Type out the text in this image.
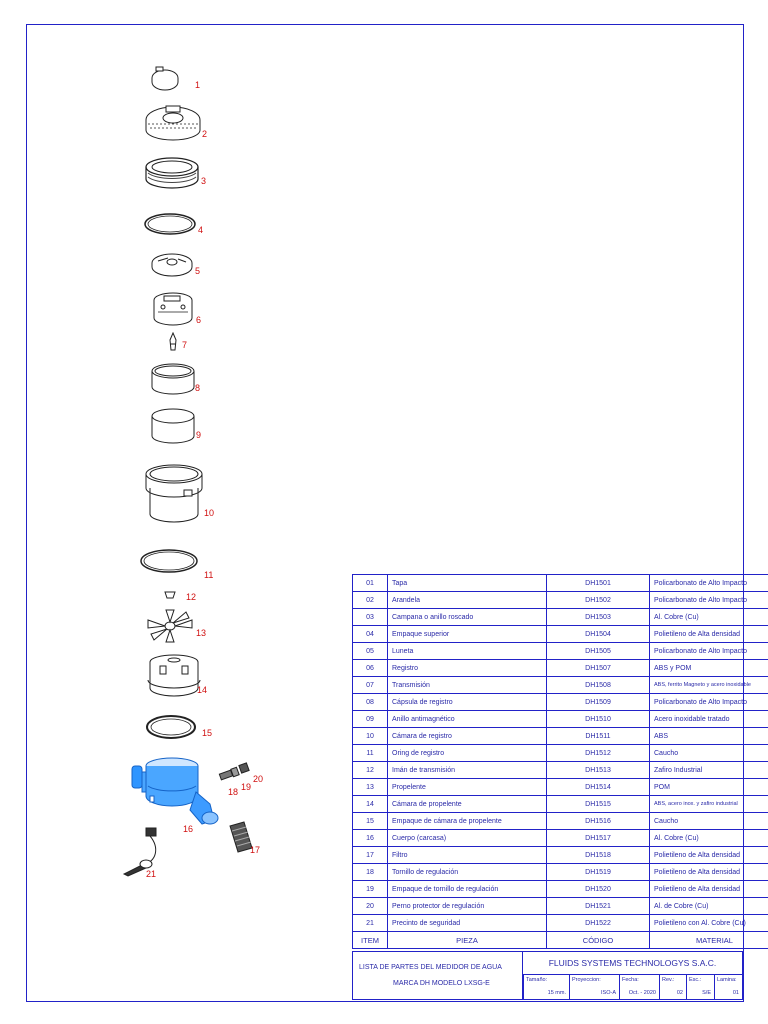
1
2
3
4
5
6
7
8
9
10
11
12
13
14
15
16
17
18 19
20
21
01	Tapa	DH1501	Policarbonato de Alto Impacto
02	Arandela	DH1502	Policarbonato de Alto Impacto
03	Campana o anillo roscado	DH1503	Al. Cobre (Cu)
04	Empaque superior	DH1504	Polietileno de Alta densidad
05	Luneta	DH1505	Policarbonato de Alto Impacto
06	Registro	DH1507	ABS y POM
07	Transmisión	DH1508	ABS, ferrito Magneto y acero inoxidable
08	Cápsula de registro	DH1509	Policarbonato de Alto Impacto
09	Anillo antimagnético	DH1510	Acero inoxidable tratado
10	Cámara de registro	DH1511	ABS
11	Oring de registro	DH1512	Caucho
12	Imán de transmisión	DH1513	Zafiro Industrial
13	Propelente	DH1514	POM
14	Cámara de propelente	DH1515	ABS, acero inox. y zafiro industrial
15	Empaque de cámara de propelente	DH1516	Caucho
16	Cuerpo (carcasa)	DH1517	Al. Cobre (Cu)
17	Filtro	DH1518	Polietileno de Alta densidad
18	Tornillo de regulación	DH1519	Polietileno de Alta densidad
19	Empaque de tornillo de regulación	DH1520	Polietileno de Alta densidad
20	Perno protector de regulación	DH1521	Al. de Cobre (Cu)
21	Precinto de seguridad	DH1522	Polietileno con Al. Cobre (Cu)
ITEM	PIEZA	CÓDIGO	MATERIAL
LISTA DE PARTES DEL MEDIDOR DE AGUA
MARCA DH MODELO LXSG-E
FLUIDS SYSTEMS TECHNOLOGYS S.A.C.
Tamaño:
15 mm.
Proyeccion:
ISO-A
Fecha:
Oct. - 2020
Rev.:
02
Esc.:
S/E
Lamina:
01
